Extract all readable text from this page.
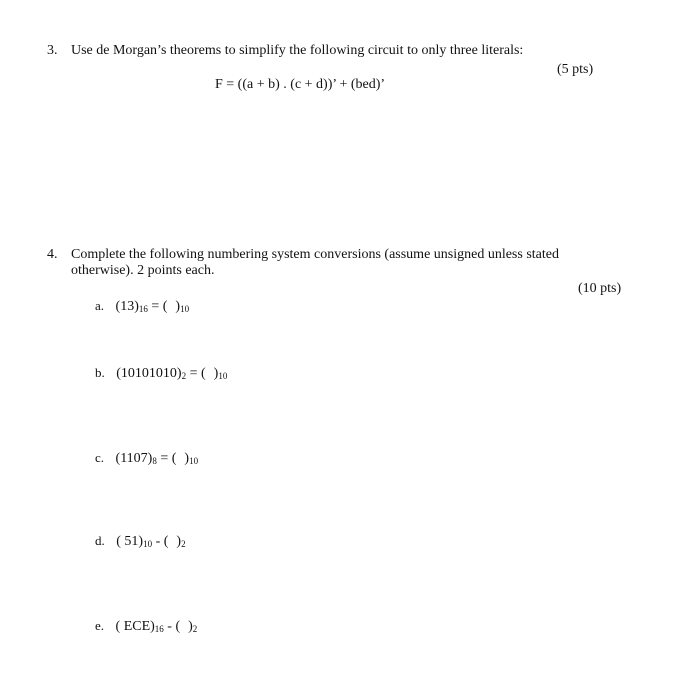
3. Use de Morgan’s theorems to simplify the following circuit to only three literals:
(5 pts)
F = ((a + b) . (c + d))’ + (bed)’
4. Complete the following numbering system conversions (assume unsigned unless stated
otherwise). 2 points each.
(10 pts)
a. $(13)_{16}$ = ( )$_{10}$
b. $(10101010)_2$ = ( )$_{10}$
c. $(1107)_8$ = ( )$_{10}$
d. ( $51)_{10}$ - ( )$_2$
e. ( $ECE)_{16}$ - ( )$_2$
